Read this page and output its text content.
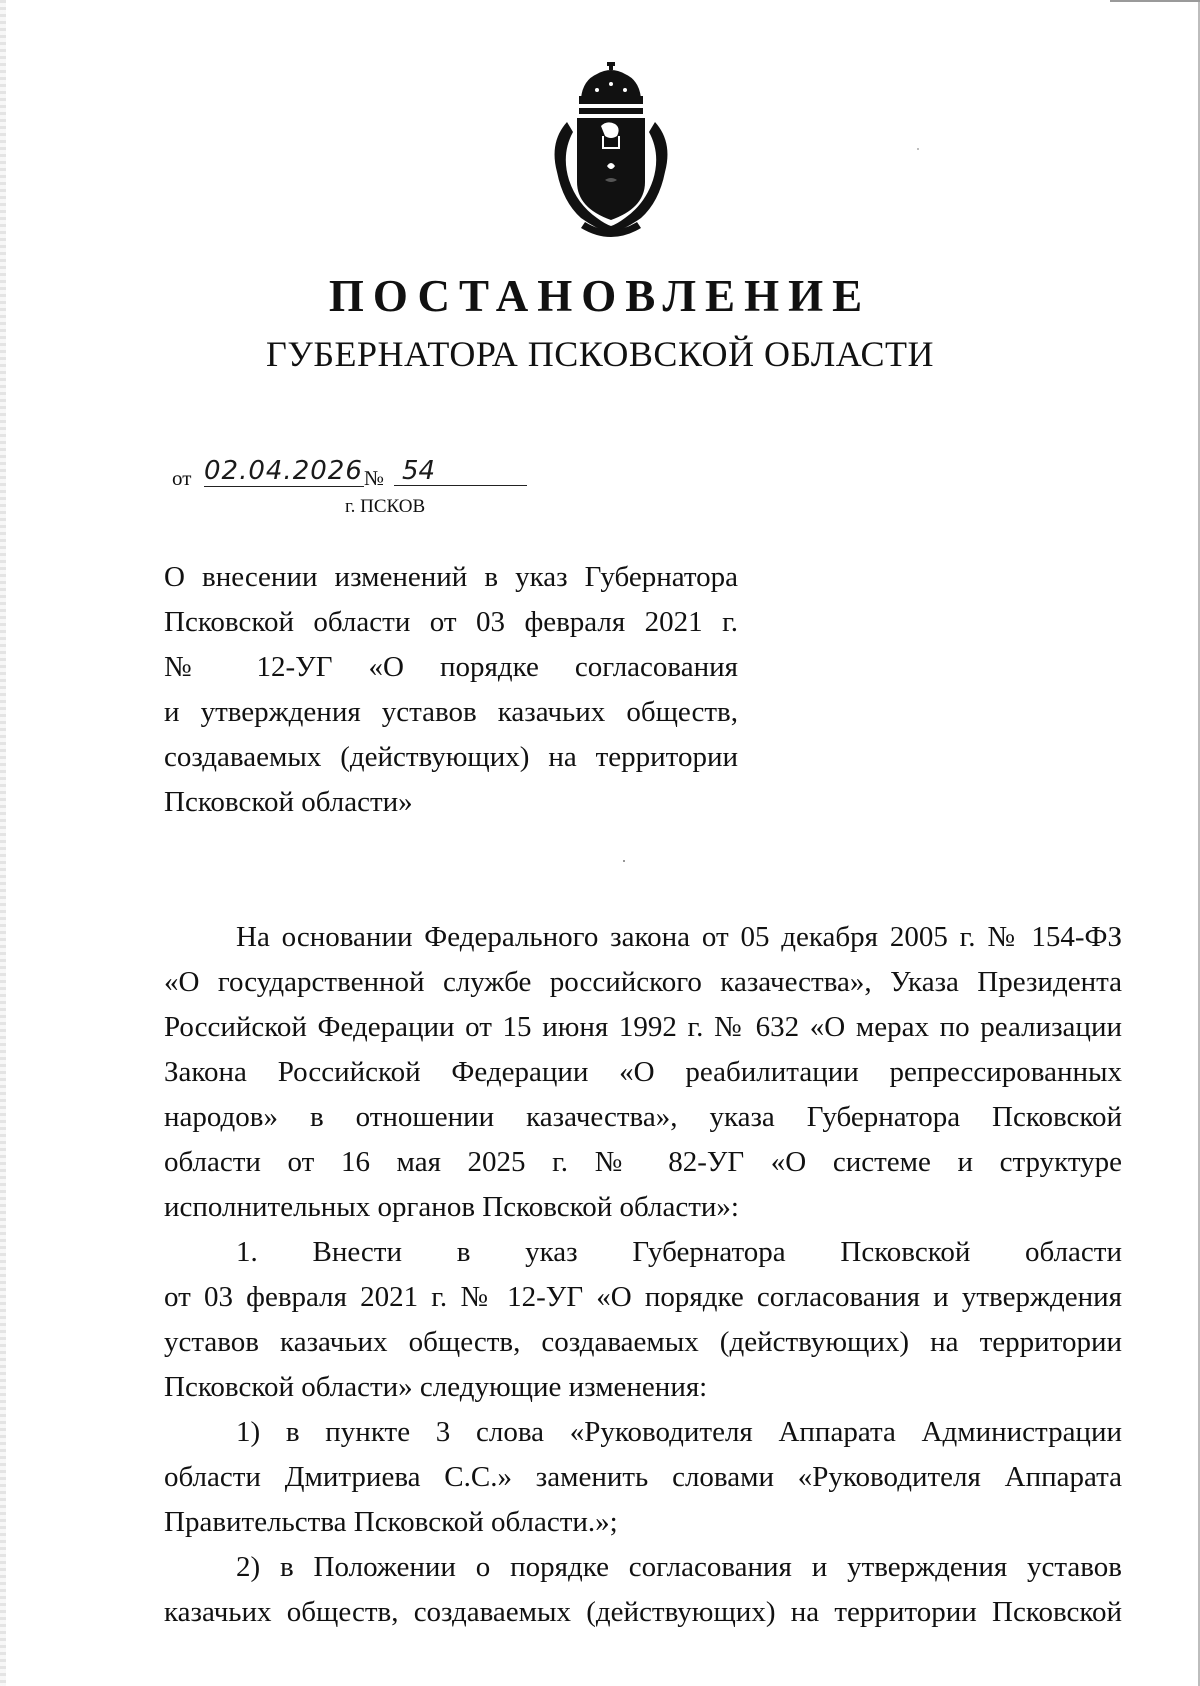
ПОСТАНОВЛЕНИЕ
ГУБЕРНАТОРА ПСКОВСКОЙ ОБЛАСТИ
от 02.04.2026 № 54
г. ПСКОВ
О внесении изменений в указ Губернатора
Псковской области от 03 февраля 2021 г.
№ 12-УГ «О порядке согласования
и утверждения уставов казачьих обществ,
создаваемых (действующих) на территории
Псковской области»
На основании Федерального закона от 05 декабря 2005 г. № 154-ФЗ
«О государственной службе российского казачества», Указа Президента
Российской Федерации от 15 июня 1992 г. № 632 «О мерах по реализации
Закона Российской Федерации «О реабилитации репрессированных
народов» в отношении казачества», указа Губернатора Псковской
области от 16 мая 2025 г. № 82-УГ «О системе и структуре
исполнительных органов Псковской области»:
1. Внести в указ Губернатора Псковской области
от 03 февраля 2021 г. № 12-УГ «О порядке согласования и утверждения
уставов казачьих обществ, создаваемых (действующих) на территории
Псковской области» следующие изменения:
1) в пункте 3 слова «Руководителя Аппарата Администрации
области Дмитриева С.С.» заменить словами «Руководителя Аппарата
Правительства Псковской области.»;
2) в Положении о порядке согласования и утверждения уставов
казачьих обществ, создаваемых (действующих) на территории Псковской
